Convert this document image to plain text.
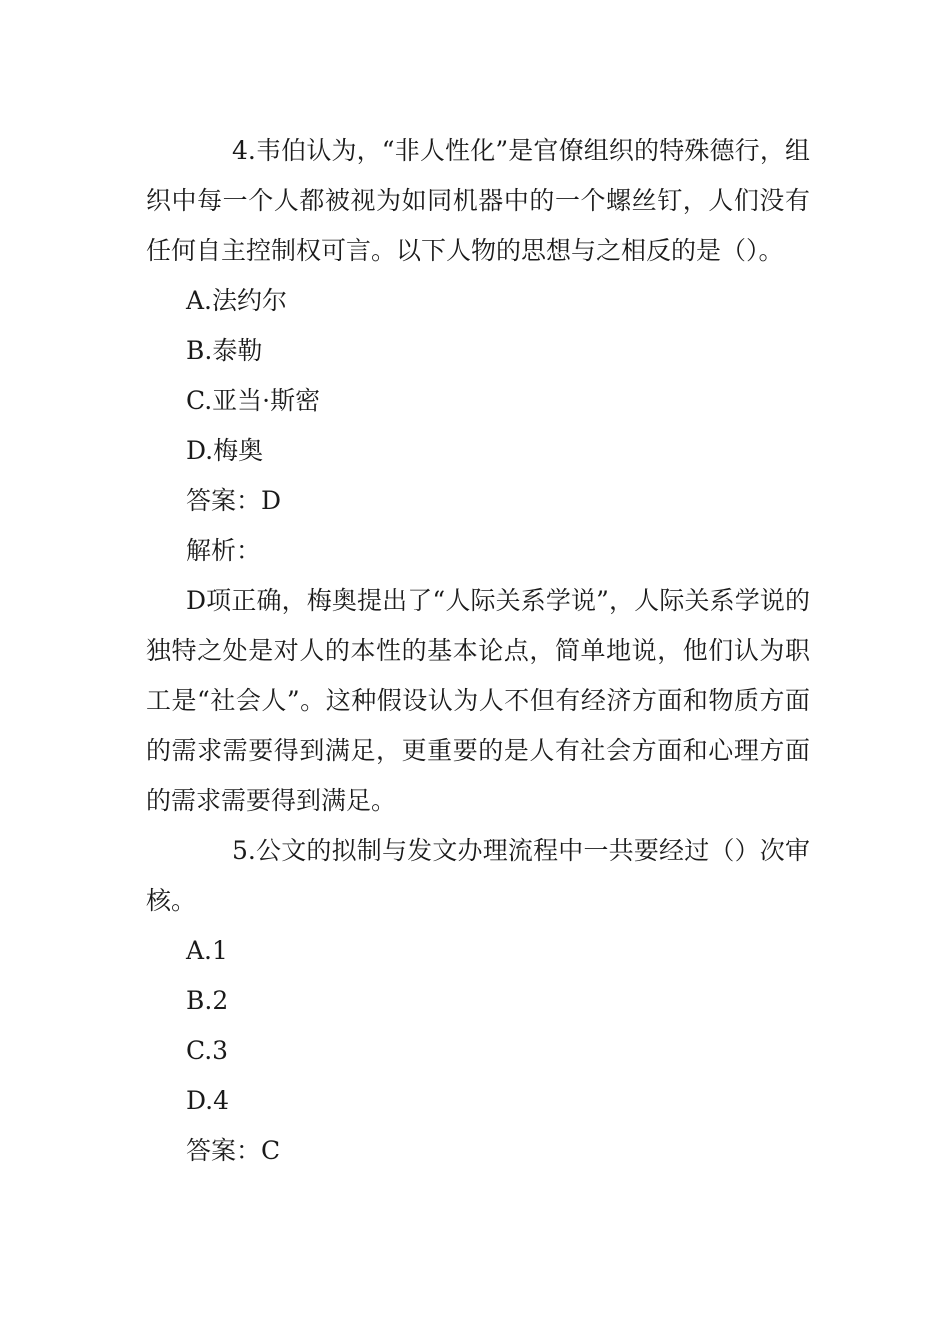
4.韦伯认为，“非人性化”是官僚组织的特殊德行，组织中每一个人都被视为如同机器中的一个螺丝钉，人们没有任何自主控制权可言。以下人物的思想与之相反的是（）。

A.法约尔

B.泰勒

C.亚当·斯密

D.梅奥

答案：D

解析：

D项正确，梅奥提出了“人际关系学说”，人际关系学说的独特之处是对人的本性的基本论点，简单地说，他们认为职工是“社会人”。这种假设认为人不但有经济方面和物质方面的需求需要得到满足，更重要的是人有社会方面和心理方面的需求需要得到满足。

5.公文的拟制与发文办理流程中一共要经过（）次审核。

A.1

B.2

C.3

D.4

答案：C
